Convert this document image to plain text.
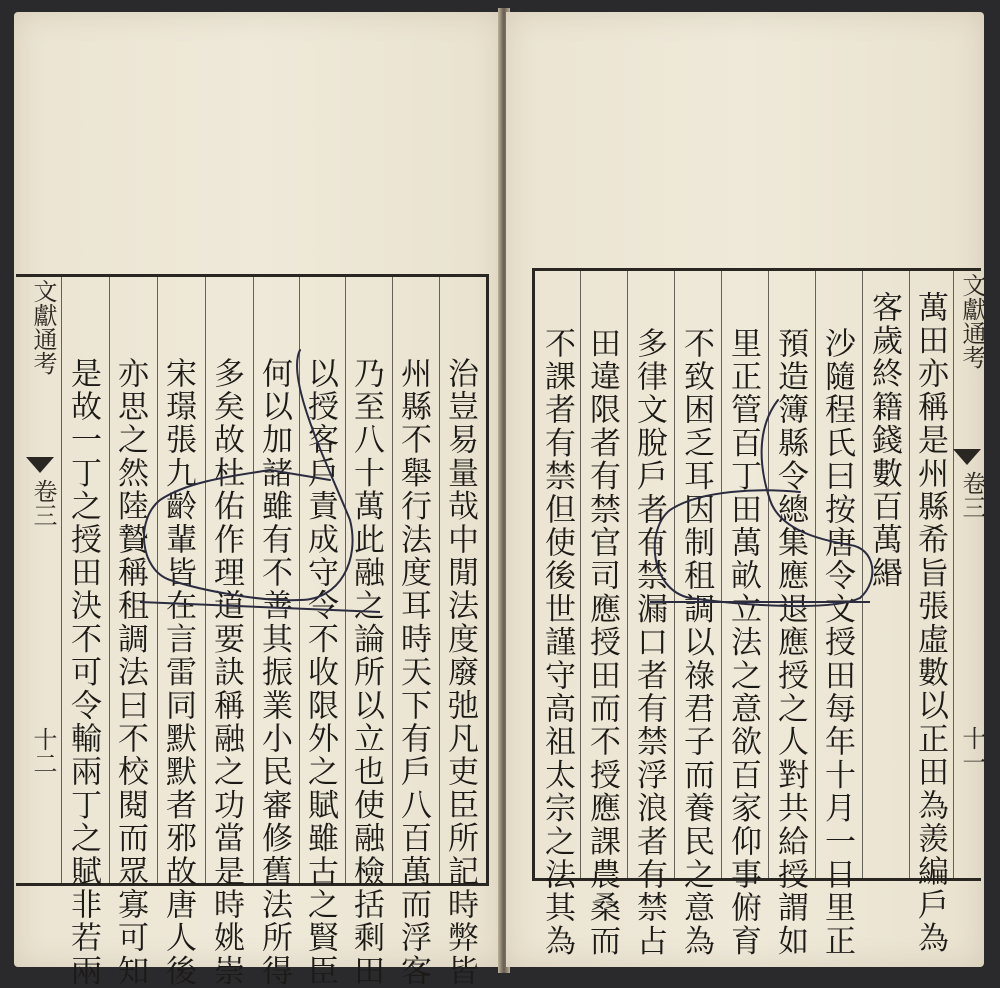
文獻通考
卷三
十二	治豈易量哉中閒法度廢弛凡吏臣所記時弊皆
州縣不舉行法度耳時天下有戶八百萬而浮客
乃至八十萬此融之論所以立也使融檢括剩田
以授客戶責成守令不收限外之賦雖古之賢臣
何以加諸雖有不善其振業小民審修舊法所得
多矣故杜佑作理道要訣稱融之功當是時姚崇
宋璟張九齡輩皆在言雷同默默者邪故唐人後
亦思之然陸贄稱租調法曰不校閱而眾寡可知
是故一丁之授田決不可令輸兩丁之賦非若兩
文獻通考
卷三
十一
萬田亦稱是州縣希旨張虛數以正田為羨編戶為
客歲終籍錢數百萬緡
沙隨程氏曰按唐令文授田每年十月一日里正
預造簿縣令總集應退應授之人對共給授謂如
里正管百丁田萬畝立法之意欲百家仰事俯育
不致困乏耳因制租調以祿君子而養民之意為
多律文脫戶者有禁漏口者有禁浮浪者有禁占
田違限者有禁官司應授田而不授應課農桑而
不課者有禁但使後世謹守高祖太宗之法其為
